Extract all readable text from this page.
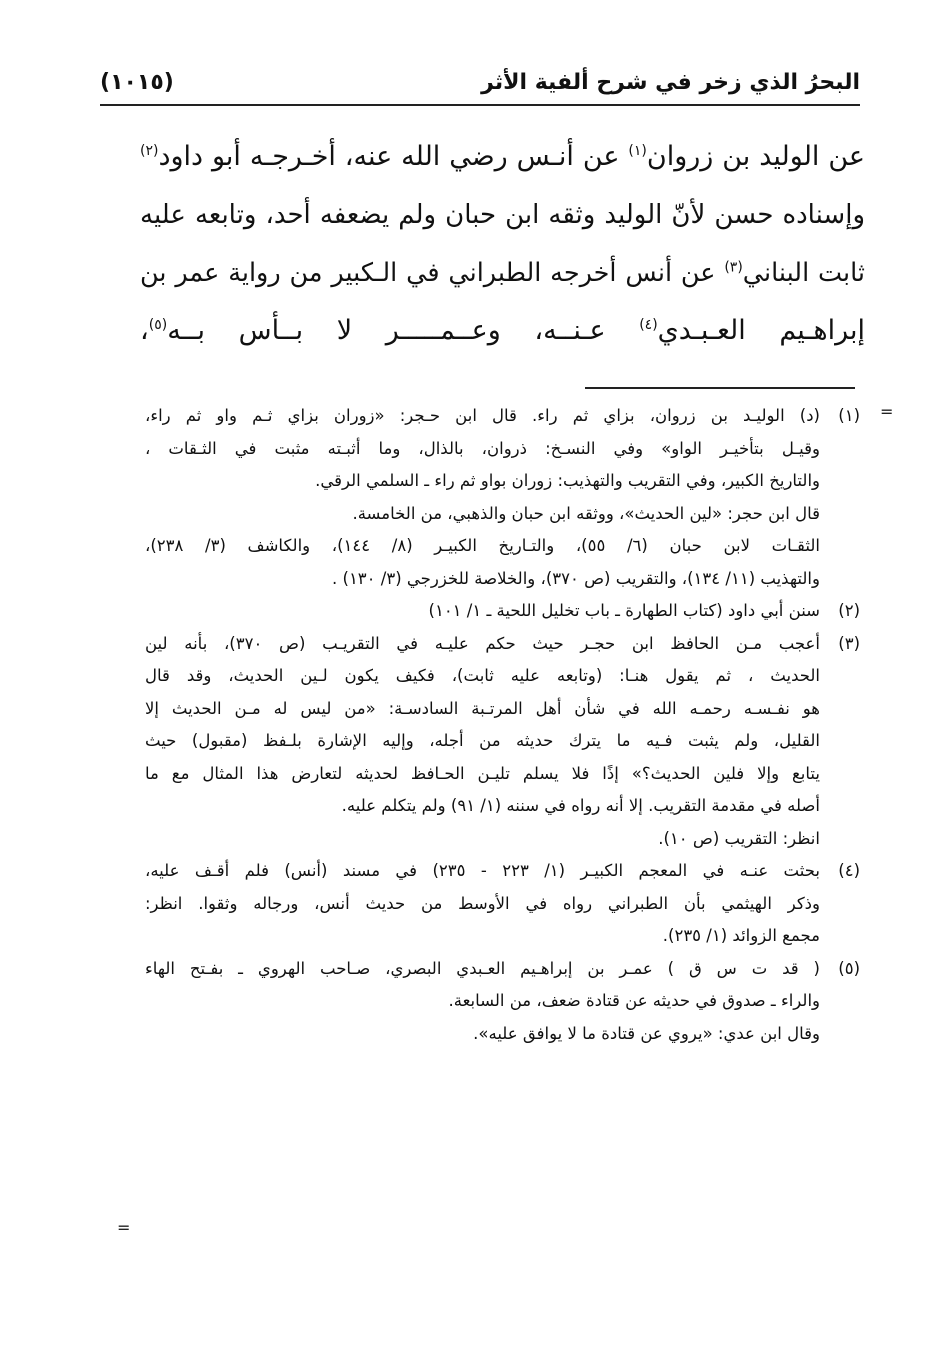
(١٠١٥)	البحرُ الذي زخر في شرح ألفية الأثر
عن الوليد بن زروان$^{(١)}$ عن أنـس رضي الله عنه، أخـرجـه أبو داود$^{(٢)}$
وإسناده حسن لأنّ الوليد وثقه ابن حبان ولم يضعفه أحد، وتابعه عليه
ثابت البناني$^{(٣)}$ عن أنس أخرجه الطبراني في الـكبير من رواية عمر بن
إبراهـيم العـبـدي$^{(٤)}$ عـنــه، وعــمـــــر لا بــأس بــه$^{(٥)}$،
=
=
(١)
(د) الوليـد بن زروان، بزاي ثم راء. قال ابن حـجر: «زوران بزاي ثـم واو ثم راء،
وقيـل بتأخيـر الواو» وفي النسـخ: ذروان، بالذال، وما أثبـته مثبت في الثـقات ،
والتاريخ الكبير، وفي التقريب والتهذيب: زوران بواو ثم راء ـ السلمي الرقي.
قال ابن حجر: «لين الحديث»، ووثقه ابن حبان والذهبي، من الخامسة.
الثقـات لابن حبان (٦/ ٥٥)، والتـاريخ الكبيـر (٨/ ١٤٤)، والكاشف (٣/ ٢٣٨)،
والتهذيب (١١/ ١٣٤)، والتقريب (ص ٣٧٠)، والخلاصة للخزرجي (٣/ ١٣٠) .
(٢)
سنن أبي داود (كتاب الطهارة ـ باب تخليل اللحية ـ ١/ ١٠١)
(٣)
أعجب مـن الحافظ ابن حجـر حيث حكم عليـه في التقريـب (ص ٣٧٠)، بأنه لين
الحديث ، ثم يقول هنـا: (وتابعه عليه ثابت)، فكيف يكون لـين الحديث، وقد قال
هو نفـسـه رحمـه الله في شأن أهل المرتـبة السادسـة: «من ليس له مـن الحديث إلا
القليل، ولم يثبت فـيه ما يترك حديثه من أجله، وإليه الإشارة بلـفظ (مقبول) حيث
يتابع وإلا فلين الحديث؟» إذًا فلا يسلم تليـن الحـافظ لحديثه لتعارض هذا المثال مع ما
أصله في مقدمة التقريب. إلا أنه رواه في سننه (١/ ٩١) ولم يتكلم عليه.
انظر: التقريب (ص ١٠).
(٤)
بحثت عنـه في المعجم الكبيـر (١/ ٢٢٣ - ٢٣٥) في مسند (أنس) فلم أقـف عليه،
وذكر الهيثمي بأن الطبراني رواه في الأوسط من حديث أنس، ورجاله وثقوا. انظر:
مجمع الزوائد (١/ ٢٣٥).
(٥)
( قد ت س ق ) عمـر بن إبراهـيم العـبدي البصري، صـاحب الهروي ـ بفـتح الهاء
والراء ـ صدوق في حديثه عن قتادة ضعف، من السابعة.
وقال ابن عدي: «يروي عن قتادة ما لا يوافق عليه».
